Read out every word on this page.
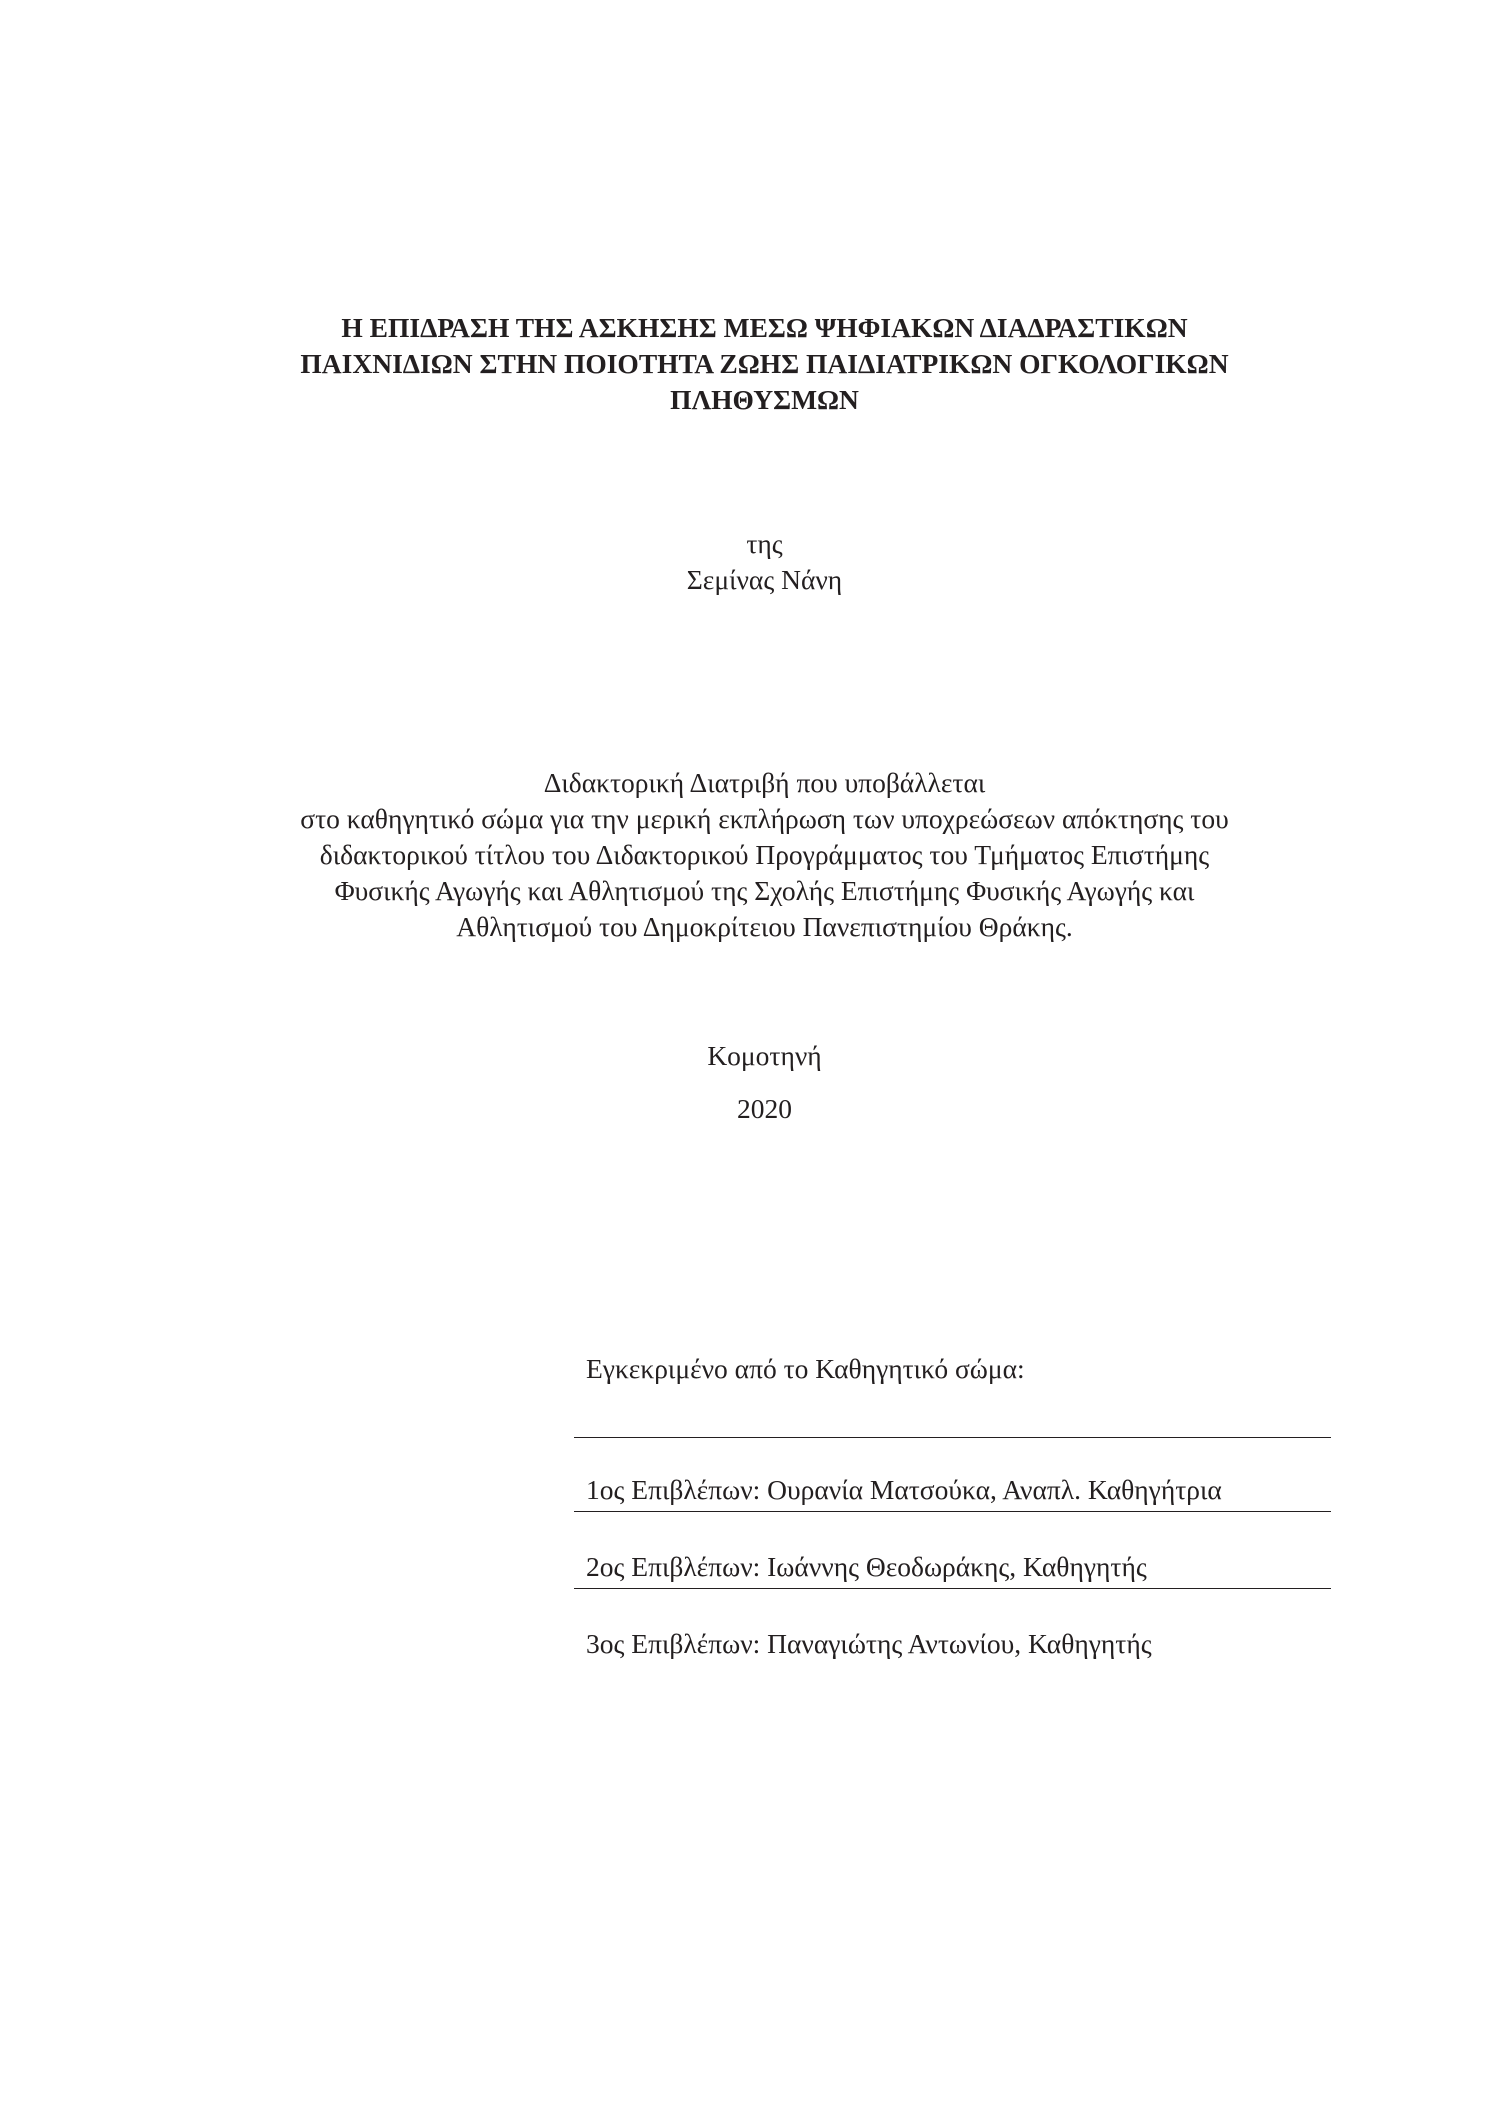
Η ΕΠΙΔΡΑΣΗ ΤΗΣ ΑΣΚΗΣΗΣ ΜΕΣΩ ΨΗΦΙΑΚΩΝ ΔΙΑΔΡΑΣΤΙΚΩΝ
ΠΑΙΧΝΙΔΙΩΝ ΣΤΗΝ ΠΟΙΟΤΗΤΑ ΖΩΗΣ ΠΑΙΔΙΑΤΡΙΚΩΝ ΟΓΚΟΛΟΓΙΚΩΝ
ΠΛΗΘΥΣΜΩΝ
της
Σεμίνας Νάνη
Διδακτορική Διατριβή που υποβάλλεται
στο καθηγητικό σώμα για την μερική εκπλήρωση των υποχρεώσεων απόκτησης του
διδακτορικού τίτλου του Διδακτορικού Προγράμματος του Τμήματος Επιστήμης
Φυσικής Αγωγής και Αθλητισμού της Σχολής Επιστήμης Φυσικής Αγωγής και
Αθλητισμού του Δημοκρίτειου Πανεπιστημίου Θράκης.
Κομοτηνή
2020
Εγκεκριμένο από το Καθηγητικό σώμα:
1ος Επιβλέπων: Ουρανία Ματσούκα, Αναπλ. Καθηγήτρια
2ος Επιβλέπων: Ιωάννης Θεοδωράκης, Καθηγητής
3ος Επιβλέπων: Παναγιώτης Αντωνίου, Καθηγητής
